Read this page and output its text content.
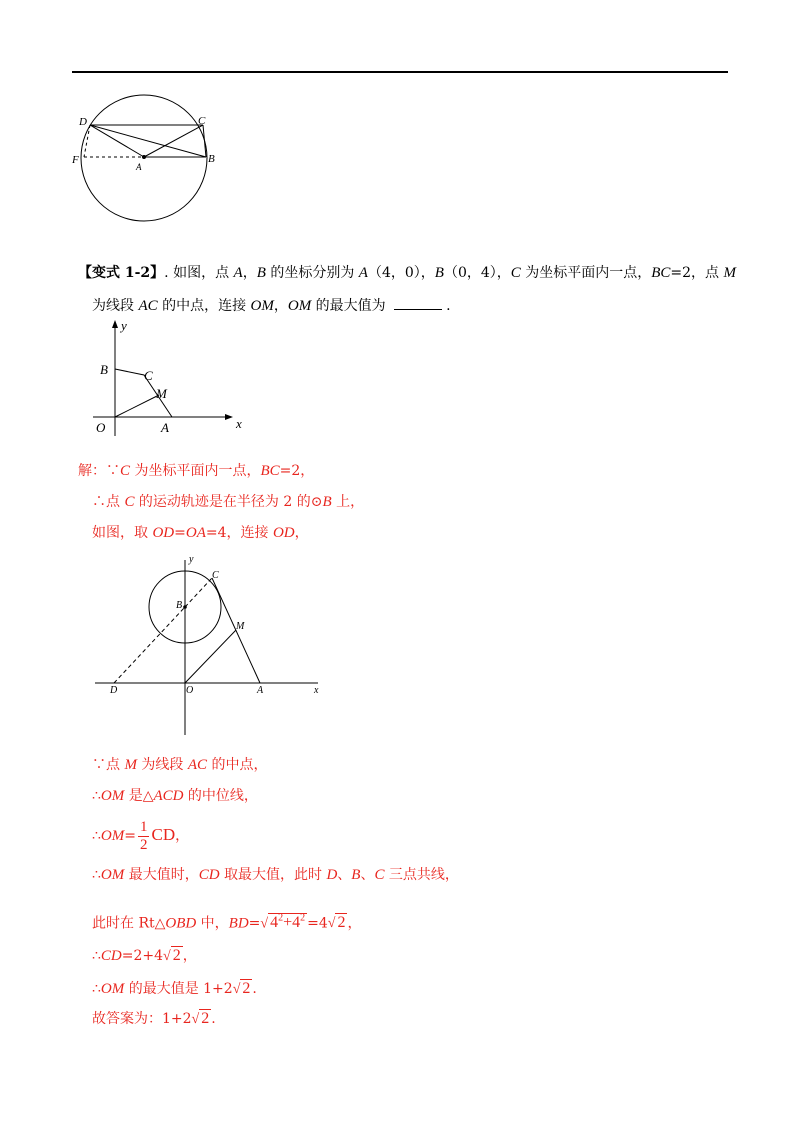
D	C
F
A
B
【变式 1-2】. 如图，点 A，B 的坐标分别为 A（4，0），B（0，4），C 为坐标平面内一点，BC=2，点 M
为线段 AC 的中点，连接 OM，OM 的最大值为	.
y
B	C
M
O	A	x
解：∵C 为坐标平面内一点，BC=2，
∴点 C 的运动轨迹是在半径为 2 的⊙B 上，
如图，取 OD=OA=4，连接 OD，
y
C
B
M
D	O	A	x
∵点 M 为线段 AC 的中点，
∴OM 是△ACD 的中位线，
∴OM= $\frac{1}{2}$ CD，
∴OM 最大值时，CD 取最大值，此时 D、B、C 三点共线，
此时在 Rt△OBD 中，BD=√ $4^2+4^2 =4√$ 2 ，
∴CD=2+4√ 2 ，
∴OM 的最大值是 1+2√ 2 .
故答案为：1+2√ 2 .
